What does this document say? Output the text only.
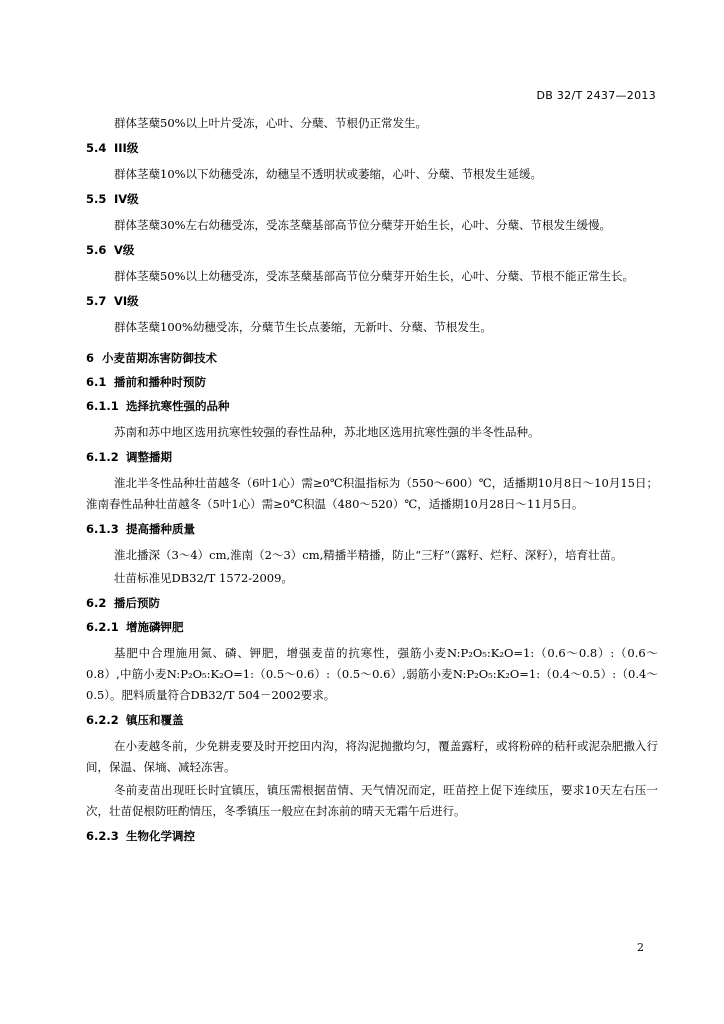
DB 32/T 2437—2013

群体茎蘖50%以上叶片受冻，心叶、分蘖、节根仍正常发生。

5.4 III级

群体茎蘖10%以下幼穗受冻，幼穗呈不透明状或萎缩，心叶、分蘖、节根发生延缓。

5.5 IV级

群体茎蘖30%左右幼穗受冻，受冻茎蘖基部高节位分蘖芽开始生长，心叶、分蘖、节根发生缓慢。

5.6 V级

群体茎蘖50%以上幼穗受冻，受冻茎蘖基部高节位分蘖芽开始生长，心叶、分蘖、节根不能正常生长。

5.7 VI级

群体茎蘖100%幼穗受冻，分蘖节生长点萎缩，无新叶、分蘖、节根发生。

6 小麦苗期冻害防御技术
6.1 播前和播种时预防
6.1.1 选择抗寒性强的品种

苏南和苏中地区选用抗寒性较强的春性品种，苏北地区选用抗寒性强的半冬性品种。

6.1.2 调整播期

淮北半冬性品种壮苗越冬（6叶1心）需≥0℃积温指标为（550～600）℃，适播期10月8日～10月15日；淮南春性品种壮苗越冬（5叶1心）需≥0℃积温（480～520）℃，适播期10月28日～11月5日。

6.1.3 提高播种质量

淮北播深（3～4）cm,淮南（2～3）cm,精播半精播，防止“三籽”（露籽、烂籽、深籽），培育壮苗。

壮苗标准见DB32/T 1572-2009。

6.2 播后预防
6.2.1 增施磷钾肥

基肥中合理施用氮、磷、钾肥，增强麦苗的抗寒性，强筋小麦N:P₂O₅:K₂O=1:（0.6～0.8）:（0.6～0.8）,中筋小麦N:P₂O₅:K₂O=1:（0.5～0.6）:（0.5～0.6）,弱筋小麦N:P₂O₅:K₂O=1:（0.4～0.5）:（0.4～0.5）。肥料质量符合DB32/T 504－2002要求。

6.2.2 镇压和覆盖

在小麦越冬前，少免耕麦要及时开挖田内沟，将沟泥抛撒均匀，覆盖露籽，或将粉碎的秸秆或泥杂肥撒入行间，保温、保墒、减轻冻害。

冬前麦苗出现旺长时宜镇压，镇压需根据苗情、天气情况而定，旺苗控上促下连续压，要求10天左右压一次，壮苗促根防旺酌情压，冬季镇压一般应在封冻前的晴天无霜午后进行。

6.2.3 生物化学调控
2
